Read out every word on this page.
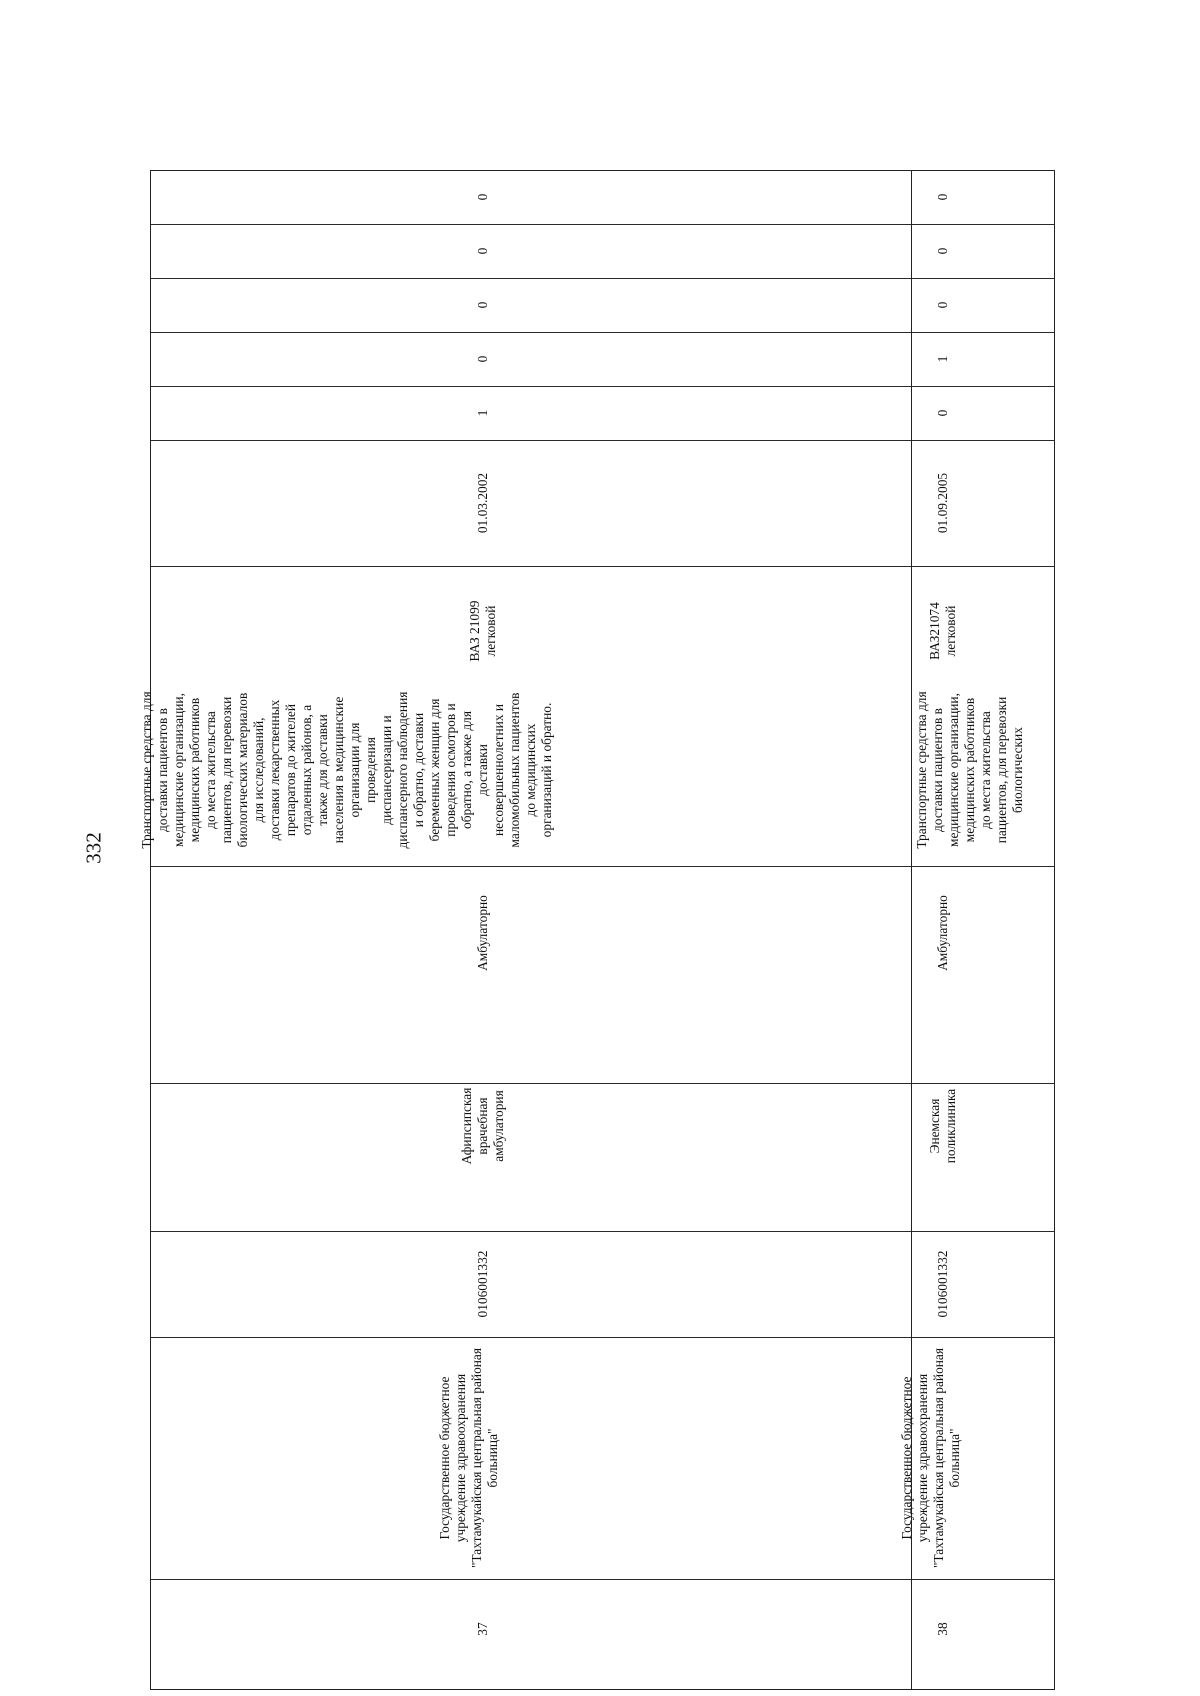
332
37
Государственное бюджетное учреждение здравоохранения "Тахтамукайская центральная районая больница"
0106001332
Афипсипская врачебная амбулатория
Амбулаторно
Транспортные средства для доставки пациентов в медицинские организации, медицинских работников до места жительства пациентов, для перевозки биологических материалов для исследований, доставки лекарственных препаратов до жителей отдаленных районов, а также для доставки населения в медицинские организации для проведения диспансеризации и диспансерного наблюдения и обратно, доставки беременных женщин для проведения осмотров и обратно, а также для доставки несовершеннолетних и маломобильных пациентов до медицинских организаций и обратно.
ВАЗ 21099 легковой
01.03.2002
1
0
0
0
0
38
Государственное бюджетное учреждение здравоохранения "Тахтамукайская центральная районая больница"
0106001332
Энемская поликлиника
Амбулаторно
Транспортные средства для доставки пациентов в медицинские организации, медицинских работников до места жительства пациентов, для перевозки биологических
ВАЗ21074 легковой
01.09.2005
0
1
0
0
0
